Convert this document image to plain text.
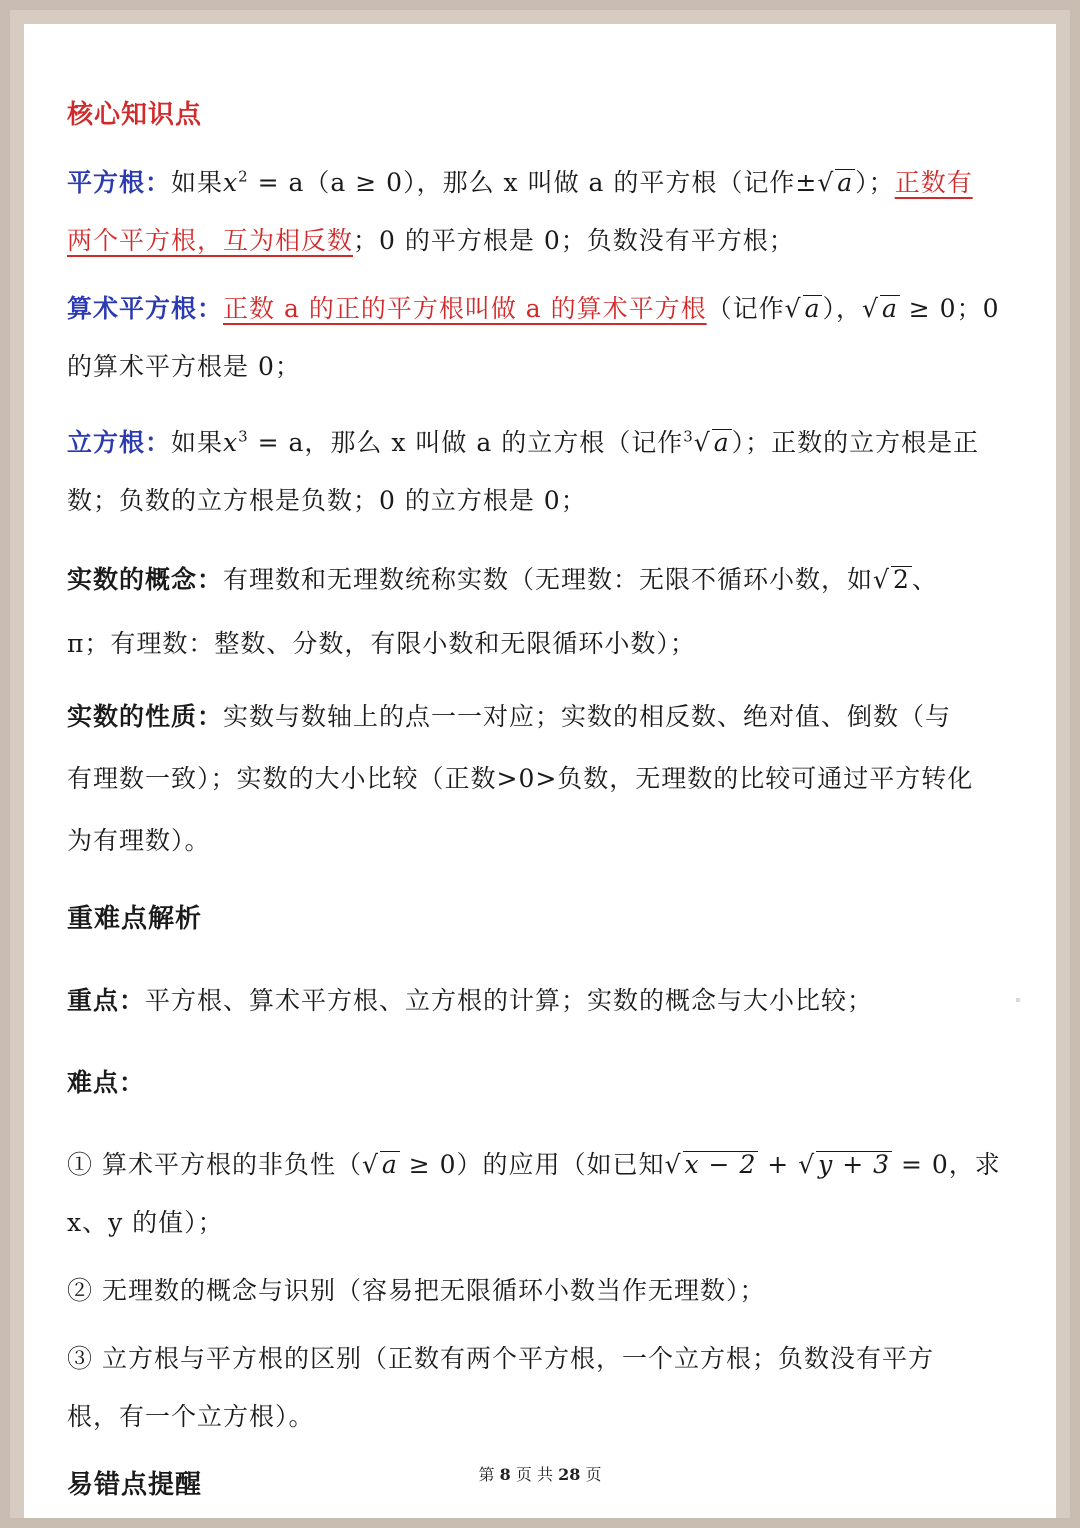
核心知识点

平方根：如果$x^2 = a(a \ge 0)$，那么 x 叫做 a 的平方根（记作±√ a）；正数有
两个平方根，互为相反数；0 的平方根是 0；负数没有平方根；

算术平方根：正数 a 的正的平方根叫做 a 的算术平方根（记作√ a），√ a ≥ 0；0
的算术平方根是 0；

立方根：如果$x^3 = a$，那么 x 叫做 a 的立方根（记作$^3$√ a）；正数的立方根是正
数；负数的立方根是负数；0 的立方根是 0；

实数的概念：有理数和无理数统称实数（无理数：无限不循环小数，如√ 2、
π；有理数：整数、分数，有限小数和无限循环小数）；

实数的性质：实数与数轴上的点一一对应；实数的相反数、绝对值、倒数（与
有理数一致）；实数的大小比较（正数>0>负数，无理数的比较可通过平方转化
为有理数）。

重难点解析

重点：平方根、算术平方根、立方根的计算；实数的概念与大小比较；

难点：

① 算术平方根的非负性（√ a ≥ 0）的应用（如已知√ x − 2 + √ y + 3 = 0，求
x、y 的值）；

② 无理数的概念与识别（容易把无限循环小数当作无理数）；

③ 立方根与平方根的区别（正数有两个平方根，一个立方根；负数没有平方
根，有一个立方根）。

易错点提醒	第 8 页 共 28 页
